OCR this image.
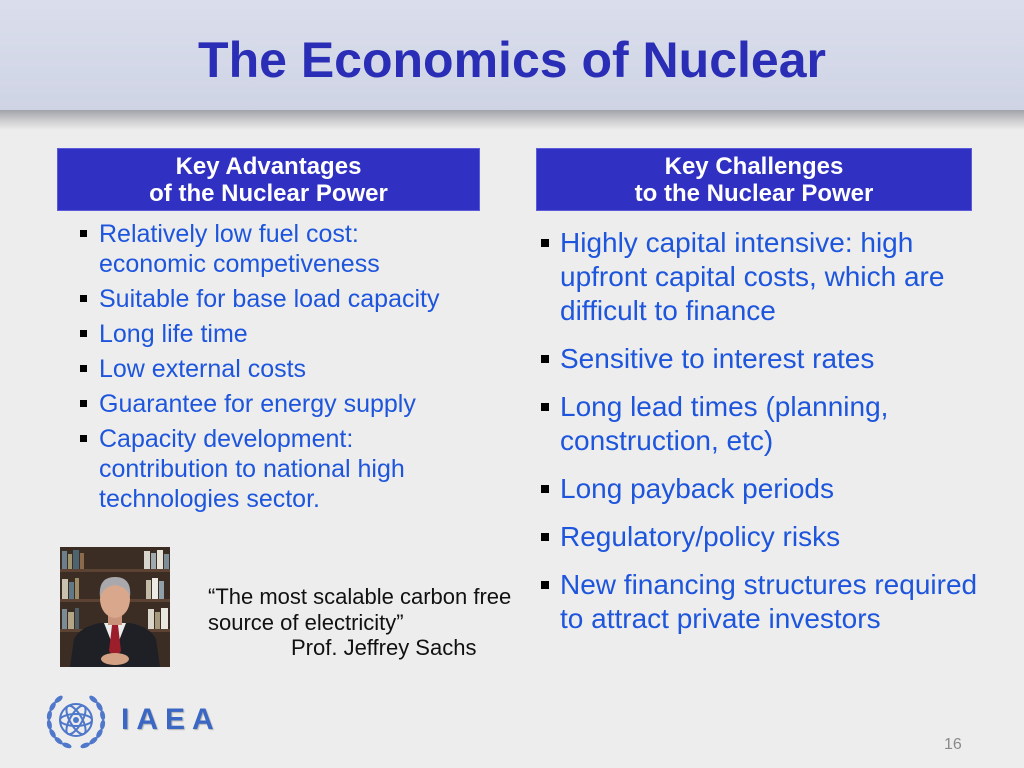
The Economics of Nuclear
Key Advantages
of the Nuclear Power
Key Challenges
to the Nuclear Power
Relatively low fuel cost:
economic competiveness
Suitable for base load capacity
Long life time
Low external costs
Guarantee for energy supply
Capacity development:
contribution to national high
technologies sector.
Highly capital intensive: high
upfront capital costs, which are
difficult to finance
Sensitive to interest rates
Long lead times (planning,
construction, etc)
Long payback periods
Regulatory/policy risks
New financing structures required
to attract private investors
“The most scalable carbon free
source of electricity”
Prof. Jeffrey Sachs
IAEA
16
